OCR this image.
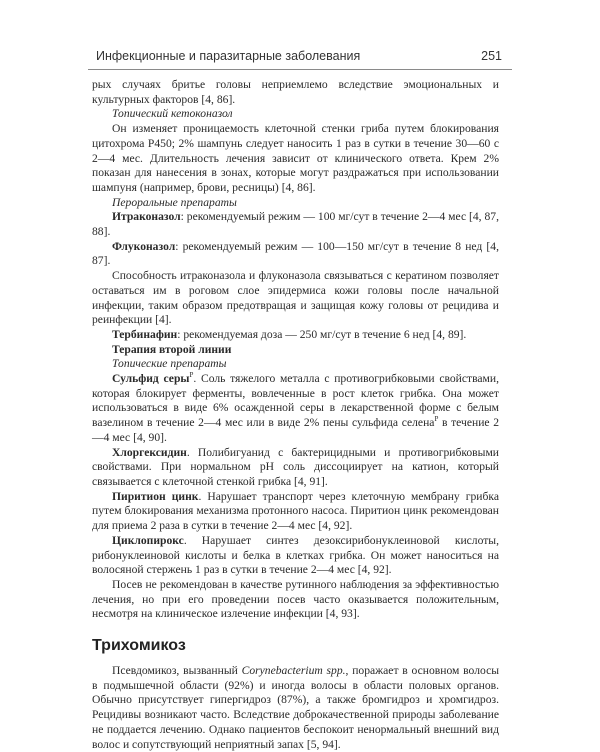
Инфекционные и паразитарные заболевания	251

рых случаях бритье головы неприемлемо вследствие эмоциональных и культурных факторов [4, 86].

Топический кетоконазол

Он изменяет проницаемость клеточной стенки гриба путем блокирования цитохрома Р450; 2% шампунь следует наносить 1 раз в сутки в течение 30—60 с 2—4 мес. Длительность лечения зависит от клинического ответа. Крем 2% показан для нанесения в зонах, которые могут раздражаться при использовании шампуня (например, брови, ресницы) [4, 86].

Пероральные препараты

Итраконазол: рекомендуемый режим — 100 мг/сут в течение 2—4 мес [4, 87, 88].

Флуконазол: рекомендуемый режим — 100—150 мг/сут в течение 8 нед [4, 87].

Способность итраконазола и флуконазола связываться с кератином позволяет оставаться им в роговом слое эпидермиса кожи головы после начальной инфекции, таким образом предотвращая и защищая кожу головы от рецидива и реинфекции [4].

Тербинафин: рекомендуемая доза — 250 мг/сут в течение 6 нед [4, 89].

Терапия второй линии

Топические препараты

Сульфид серы$^Р$. Соль тяжелого металла с противогрибковыми свойствами, которая блокирует ферменты, вовлеченные в рост клеток грибка. Она может использоваться в виде 6% осажденной серы в лекарственной форме с белым вазелином в течение 2—4 мес или в виде 2% пены сульфида селена$^Р$ в течение 2—4 мес [4, 90].

Хлоргексидин. Полибигуанид с бактерицидными и противогрибковыми свойствами. При нормальном pH соль диссоциирует на катион, который связывается с клеточной стенкой грибка [4, 91].

Пиритион цинк. Нарушает транспорт через клеточную мембрану грибка путем блокирования механизма протонного насоса. Пиритион цинк рекомендован для приема 2 раза в сутки в течение 2—4 мес [4, 92].

Циклопирокс. Нарушает синтез дезоксирибонуклеиновой кислоты, рибонуклеиновой кислоты и белка в клетках грибка. Он может наноситься на волосяной стержень 1 раз в сутки в течение 2—4 мес [4, 92].

Посев не рекомендован в качестве рутинного наблюдения за эффективностью лечения, но при его проведении посев часто оказывается положительным, несмотря на клиническое излечение инфекции [4, 93].

Трихомикоз

Псевдомикоз, вызванный Corynebacterium spp., поражает в основном волосы в подмышечной области (92%) и иногда волосы в области половых органов. Обычно присутствует гипергидроз (87%), а также бромгидроз и хромгидроз. Рецидивы возникают часто. Вследствие доброкачественной природы заболевание не поддается лечению. Однако пациентов беспокоит ненормальный внешний вид волос и сопутствующий неприятный запах [5, 94].
